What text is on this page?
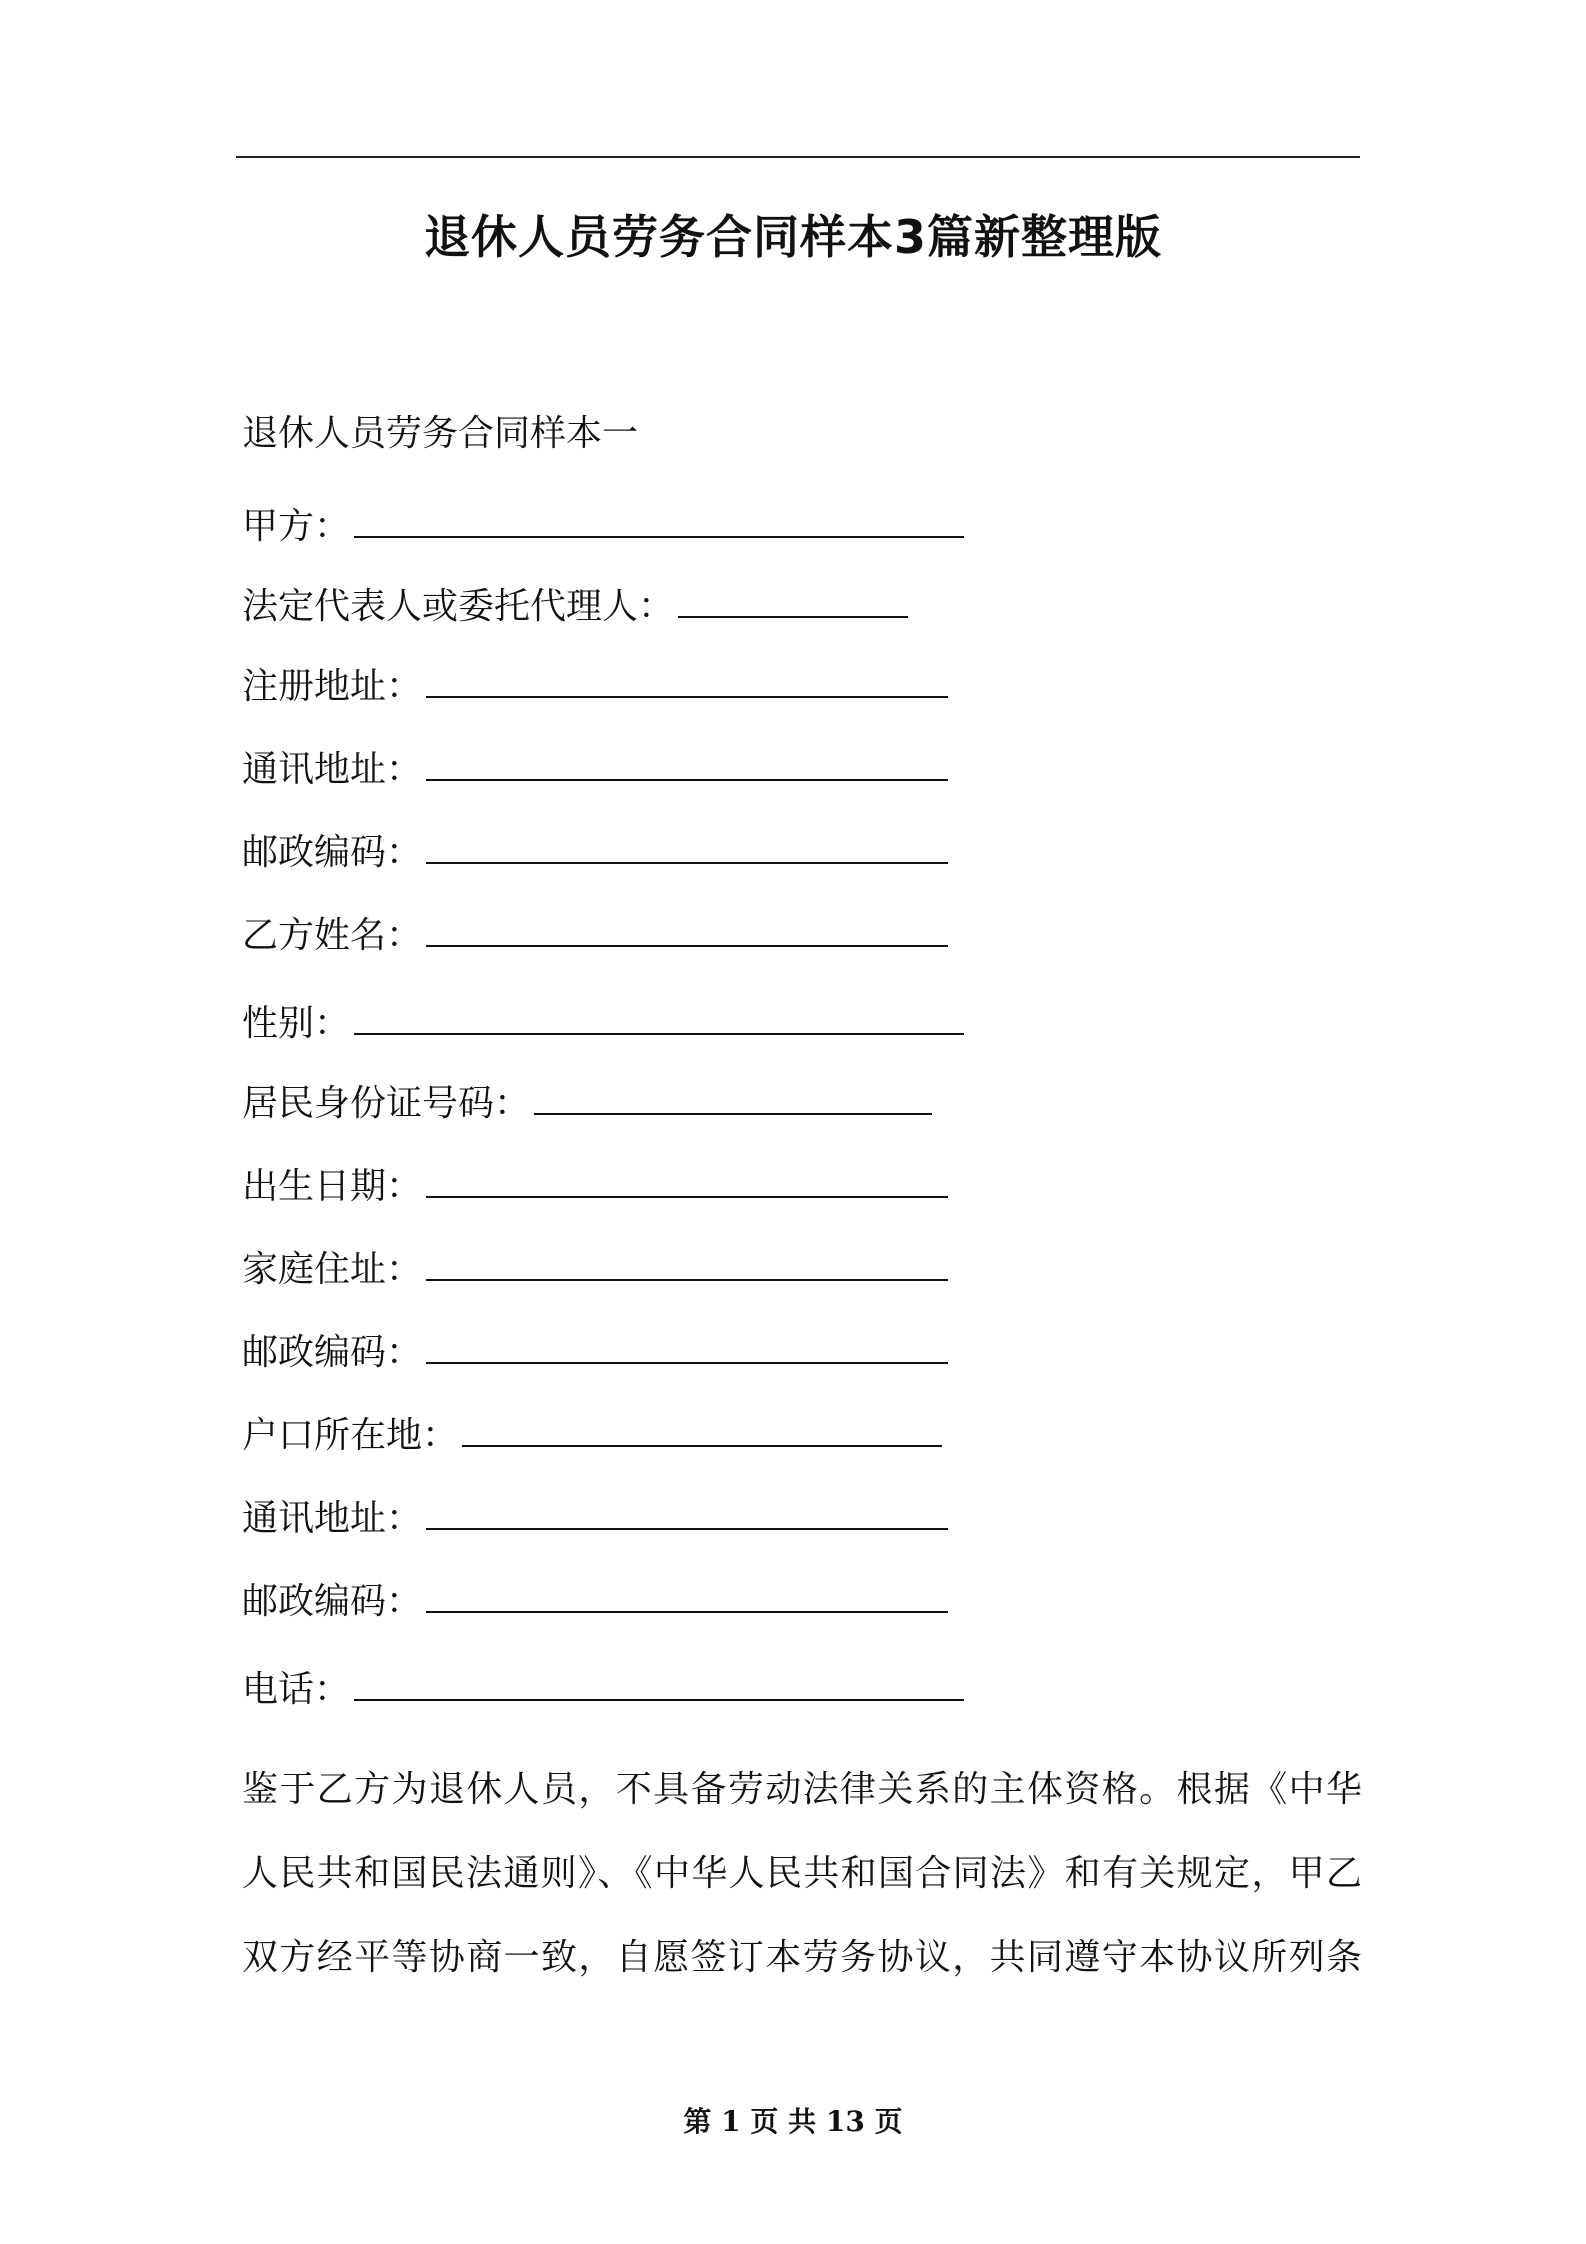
退休人员劳务合同样本3篇新整理版
退休人员劳务合同样本一
甲方：
法定代表人或委托代理人：
注册地址：
通讯地址：
邮政编码：
乙方姓名：
性别：
居民身份证号码：
出生日期：
家庭住址：
邮政编码：
户口所在地：
通讯地址：
邮政编码：
电话：
鉴于乙方为退休人员，不具备劳动法律关系的主体资格。根据《中华
人民共和国民法通则》、《中华人民共和国合同法》和有关规定，甲乙
双方经平等协商一致，自愿签订本劳务协议，共同遵守本协议所列条
第 1 页 共 13 页
